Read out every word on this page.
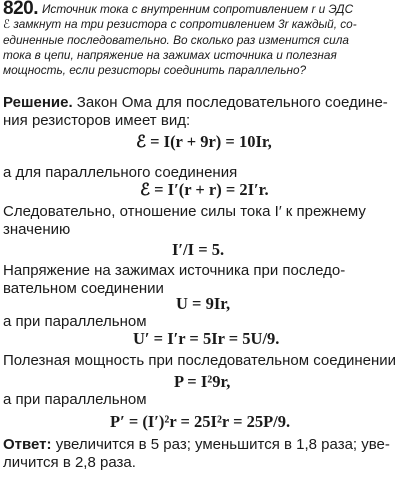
820. Источник тока с внутренним сопротивлением r и ЭДС
ℰ замкнут на три резистора с сопротивлением 3r каждый, со-
единенные последовательно. Во сколько раз изменится сила
тока в цепи, напряжение на зажимах источника и полезная
мощность, если резисторы соединить параллельно?
Решение. Закон Ома для последовательного соедине-
ния резисторов имеет вид:
ℰ = I(r + 9r) = 10Ir,
а для параллельного соединения
ℰ = I′(r + r) = 2I′r.
Следовательно, отношение силы тока I′ к прежнему
значению
I′/I = 5.
Напряжение на зажимах источника при последо-
вательном соединении
U = 9Ir,
а при параллельном
U′ = I′r = 5Ir = 5U/9.
Полезная мощность при последовательном соединении
P = I²9r,
а при параллельном
P′ = (I′)²r = 25I²r = 25P/9.
Ответ: увеличится в 5 раз; уменьшится в 1,8 раза; уве-
личится в 2,8 раза.
